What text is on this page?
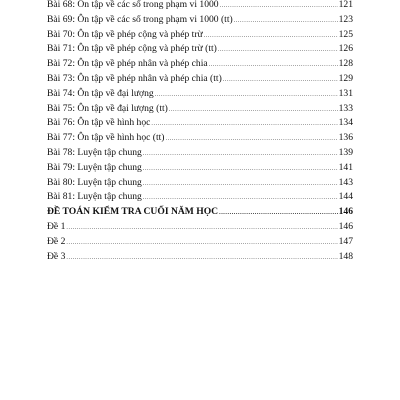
Bài 68: Ôn tập về các số trong phạm vi 1000 .....	121
Bài 69: Ôn tập về các số trong phạm vi 1000 (tt) .....	123
Bài 70: Ôn tập về phép cộng và phép trừ .....	125
Bài 71: Ôn tập về phép cộng và phép trừ (tt) .....	126
Bài 72: Ôn tập về phép nhân và phép chia .....	128
Bài 73: Ôn tập về phép nhân và phép chia (tt) .....	129
Bài 74: Ôn tập về đại lượng .....	131
Bài 75: Ôn tập về đại lượng (tt) .....	133
Bài 76: Ôn tập về hình học .....	134
Bài 77: Ôn tập về hình học (tt) .....	136
Bài 78: Luyện tập chung .....	139
Bài 79: Luyện tập chung .....	141
Bài 80: Luyện tập chung .....	143
Bài 81: Luyện tập chung .....	144
ĐỀ TOÁN KIỂM TRA CUỐI NĂM HỌC .....	146
Đề 1 .....	146
Đề 2 .....	147
Đề 3 .....	148
